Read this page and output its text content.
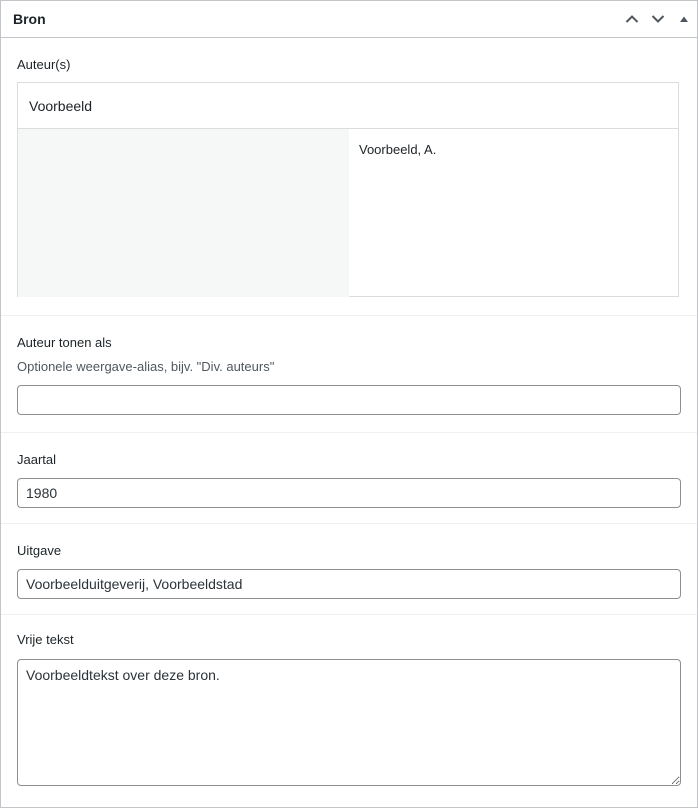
Bron
Auteur(s)
Voorbeeld
Voorbeeld, A.
Auteur tonen als
Optionele weergave-alias, bijv. "Div. auteurs"
Jaartal
1980
Uitgave
Voorbeelduitgeverij, Voorbeeldstad
Vrije tekst
Voorbeeldtekst over deze bron.
